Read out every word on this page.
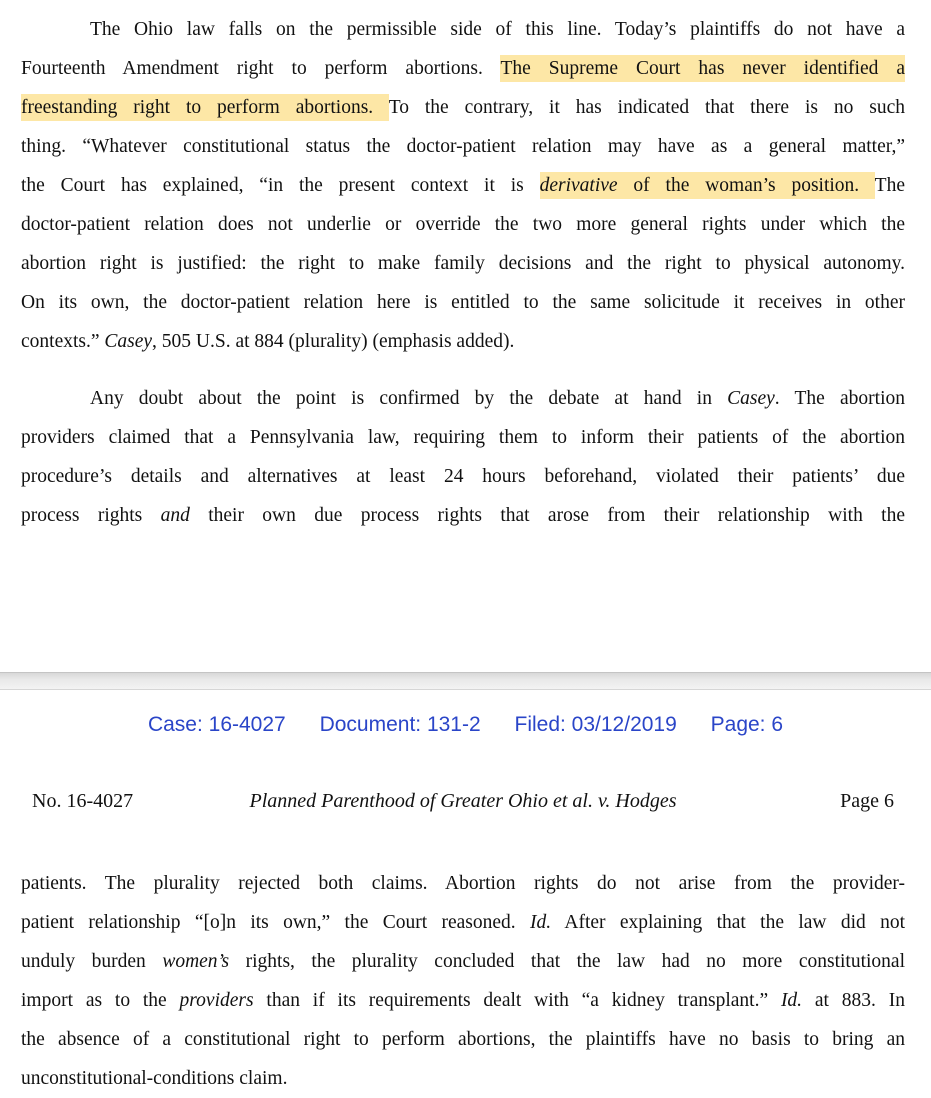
The Ohio law falls on the permissible side of this line. Today’s plaintiffs do not have a
Fourteenth Amendment right to perform abortions. The Supreme Court has never identified a
freestanding right to perform abortions. To the contrary, it has indicated that there is no such
thing. “Whatever constitutional status the doctor-patient relation may have as a general matter,”
the Court has explained, “in the present context it is derivative of the woman’s position. The
doctor-patient relation does not underlie or override the two more general rights under which the
abortion right is justified: the right to make family decisions and the right to physical autonomy.
On its own, the doctor-patient relation here is entitled to the same solicitude it receives in other
contexts.” Casey, 505 U.S. at 884 (plurality) (emphasis added).

Any doubt about the point is confirmed by the debate at hand in Casey. The abortion
providers claimed that a Pennsylvania law, requiring them to inform their patients of the abortion
procedure’s details and alternatives at least 24 hours beforehand, violated their patients’ due
process rights and their own due process rights that arose from their relationship with the

Case: 16-4027 Document: 131-2 Filed: 03/12/2019 Page: 6
No. 16-4027	Planned Parenthood of Greater Ohio et al. v. Hodges	Page 6

patients. The plurality rejected both claims. Abortion rights do not arise from the provider-
patient relationship “[o]n its own,” the Court reasoned. Id. After explaining that the law did not
unduly burden women’s rights, the plurality concluded that the law had no more constitutional
import as to the providers than if its requirements dealt with “a kidney transplant.” Id. at 883. In
the absence of a constitutional right to perform abortions, the plaintiffs have no basis to bring an
unconstitutional-conditions claim.
